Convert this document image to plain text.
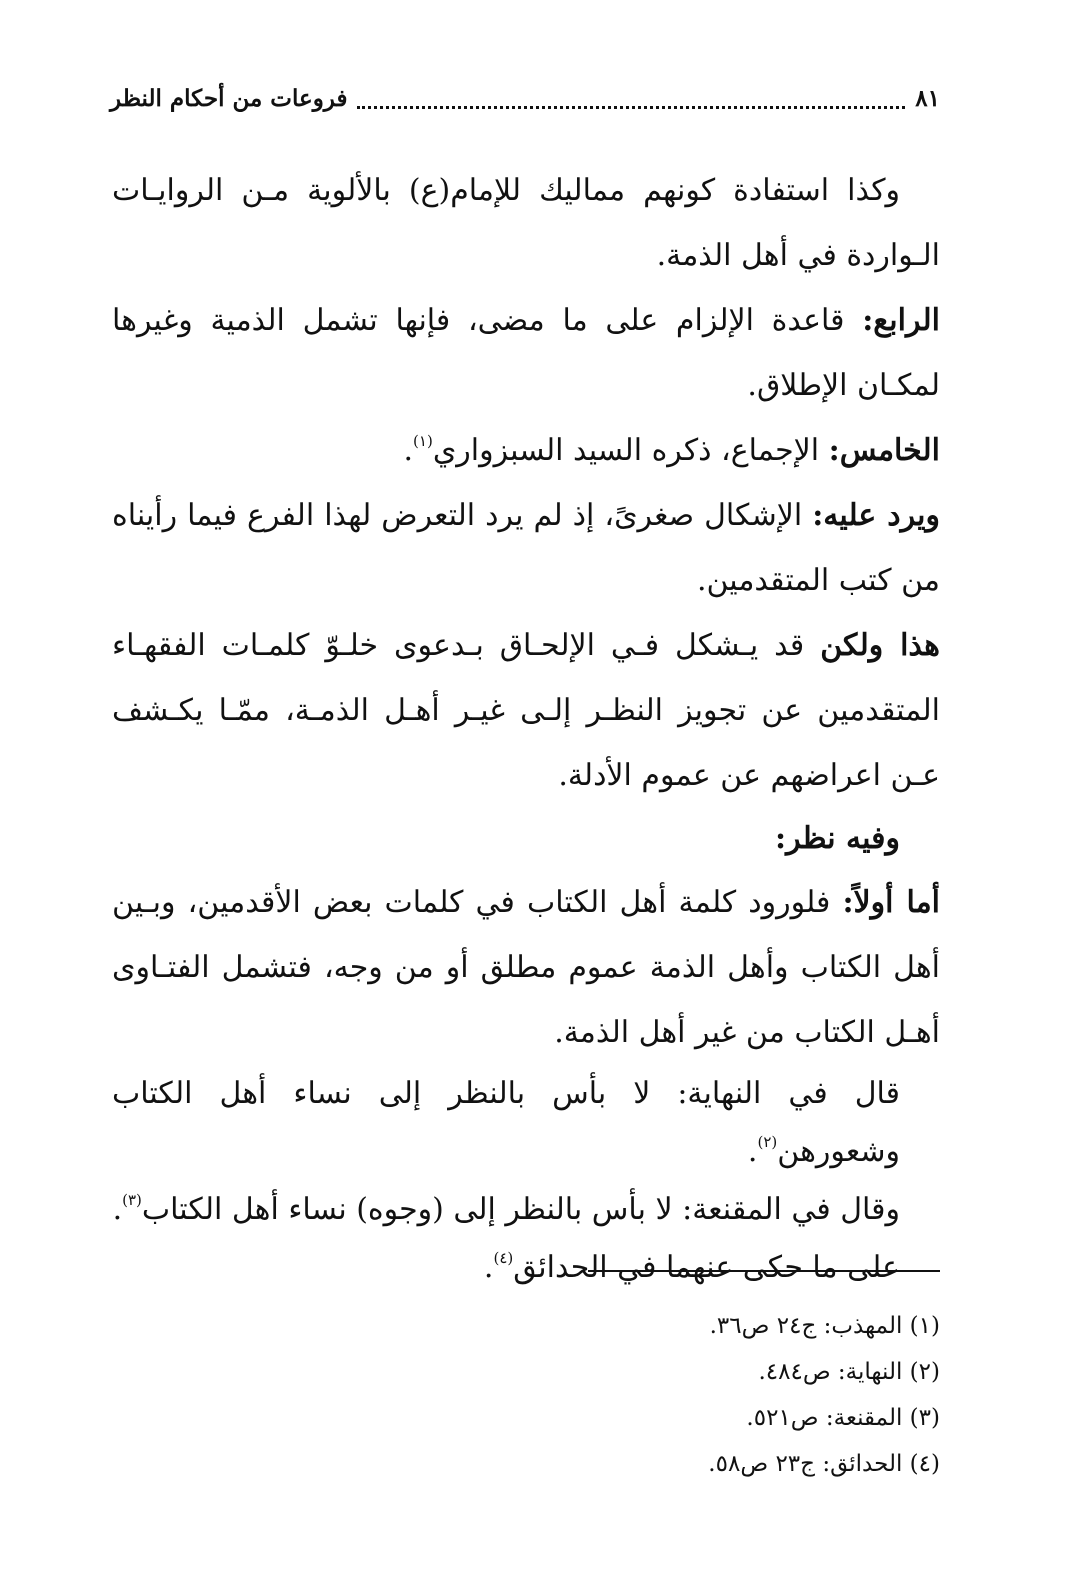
٨١
فروعات من أحكام النظر

وكذا استفادة كونهم مماليك للإمام(ع) بالألوية مـن الروايـات الـواردة في أهل الذمة.

الرابع: قاعدة الإلزام على ما مضى، فإنها تشمل الذمية وغيرها لمكـان الإطلاق.

الخامس: الإجماع، ذكره السيد السبزواري$^{(١)}$.

ويرد عليه: الإشكال صغرىً، إذ لم يرد التعرض لهذا الفرع فيما رأيناه من كتب المتقدمين.

هذا ولكن قد يـشكل فـي الإلحـاق بـدعوى خلـوّ كلمـات الفقهـاء المتقدمين عن تجويز النظـر إلـى غيـر أهـل الذمـة، ممّـا يكـشف عـن اعراضهم عن عموم الأدلة.

وفيه نظر:

أما أولاً: فلورود كلمة أهل الكتاب في كلمات بعض الأقدمين، وبـين أهل الكتاب وأهل الذمة عموم مطلق أو من وجه، فتشمل الفتـاوى أهـل الكتاب من غير أهل الذمة.

قال في النهاية: لا بأس بالنظر إلى نساء أهل الكتاب وشعورهن$^{(٢)}$.

وقال في المقنعة: لا بأس بالنظر إلى (وجوه) نساء أهل الكتاب$^{(٣)}$.

على ما حكى عنهما في الحدائق$^{(٤)}$.

(١) المهذب: ج٢٤ ص٣٦.

(٢) النهاية: ص٤٨٤.

(٣) المقنعة: ص٥٢١.

(٤) الحدائق: ج٢٣ ص٥٨.
